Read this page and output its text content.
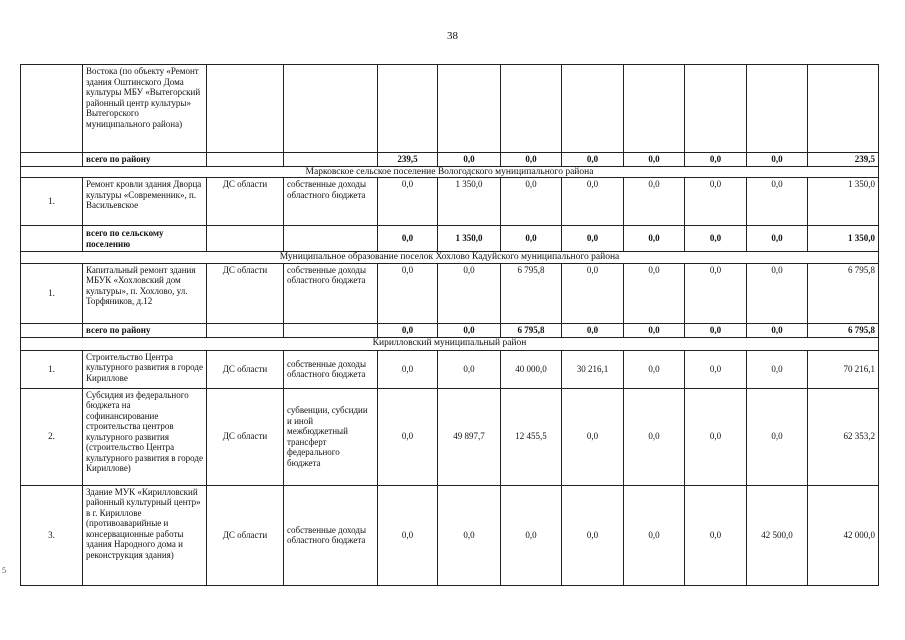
38
5
	Востока (по объекту «Ремонт здания Оштинского Дома культуры МБУ «Вытегорский районный центр культуры» Вытегорского муниципального района)										
	всего по району			239,5	0,0	0,0	0,0	0,0	0,0	0,0	239,5
Марковское сельское поселение Вологодского муниципального района											
1.	Ремонт кровли здания Дворца культуры «Современник», п. Васильевское	ДС области	собственные доходы областного бюджета	0,0	1 350,0	0,0	0,0	0,0	0,0	0,0	1 350,0
	всего по сельскому поселению			0,0	1 350,0	0,0	0,0	0,0	0,0	0,0	1 350,0
Муниципальное образование поселок Хохлово Кадуйского муниципального района											
1.	Капитальный ремонт здания МБУК «Хохловский дом культуры», п. Хохлово, ул. Торфяников, д.12	ДС области	собственные доходы областного бюджета	0,0	0,0	6 795,8	0,0	0,0	0,0	0,0	6 795,8
	всего по району			0,0	0,0	6 795,8	0,0	0,0	0,0	0,0	6 795,8
Кирилловский муниципальный район											
1.	Строительство Центра культурного развития в городе Кириллове	ДС области	собственные доходы областного бюджета	0,0	0,0	40 000,0	30 216,1	0,0	0,0	0,0	70 216,1
2.	Субсидия из федерального бюджета на софинансирование строительства центров культурного развития (строительство Центра культурного развития в городе Кириллове)	ДС области	субвенции, субсидии и иной межбюджетный трансферт федерального бюджета	0,0	49 897,7	12 455,5	0,0	0,0	0,0	0,0	62 353,2
3.	Здание МУК «Кирилловский районный культурный центр» в г. Кириллове (противоаварийные и консервационные работы здания Народного дома и реконструкция здания)	ДС области	собственные доходы областного бюджета	0,0	0,0	0,0	0,0	0,0	0,0	42 500,0	42 000,0
